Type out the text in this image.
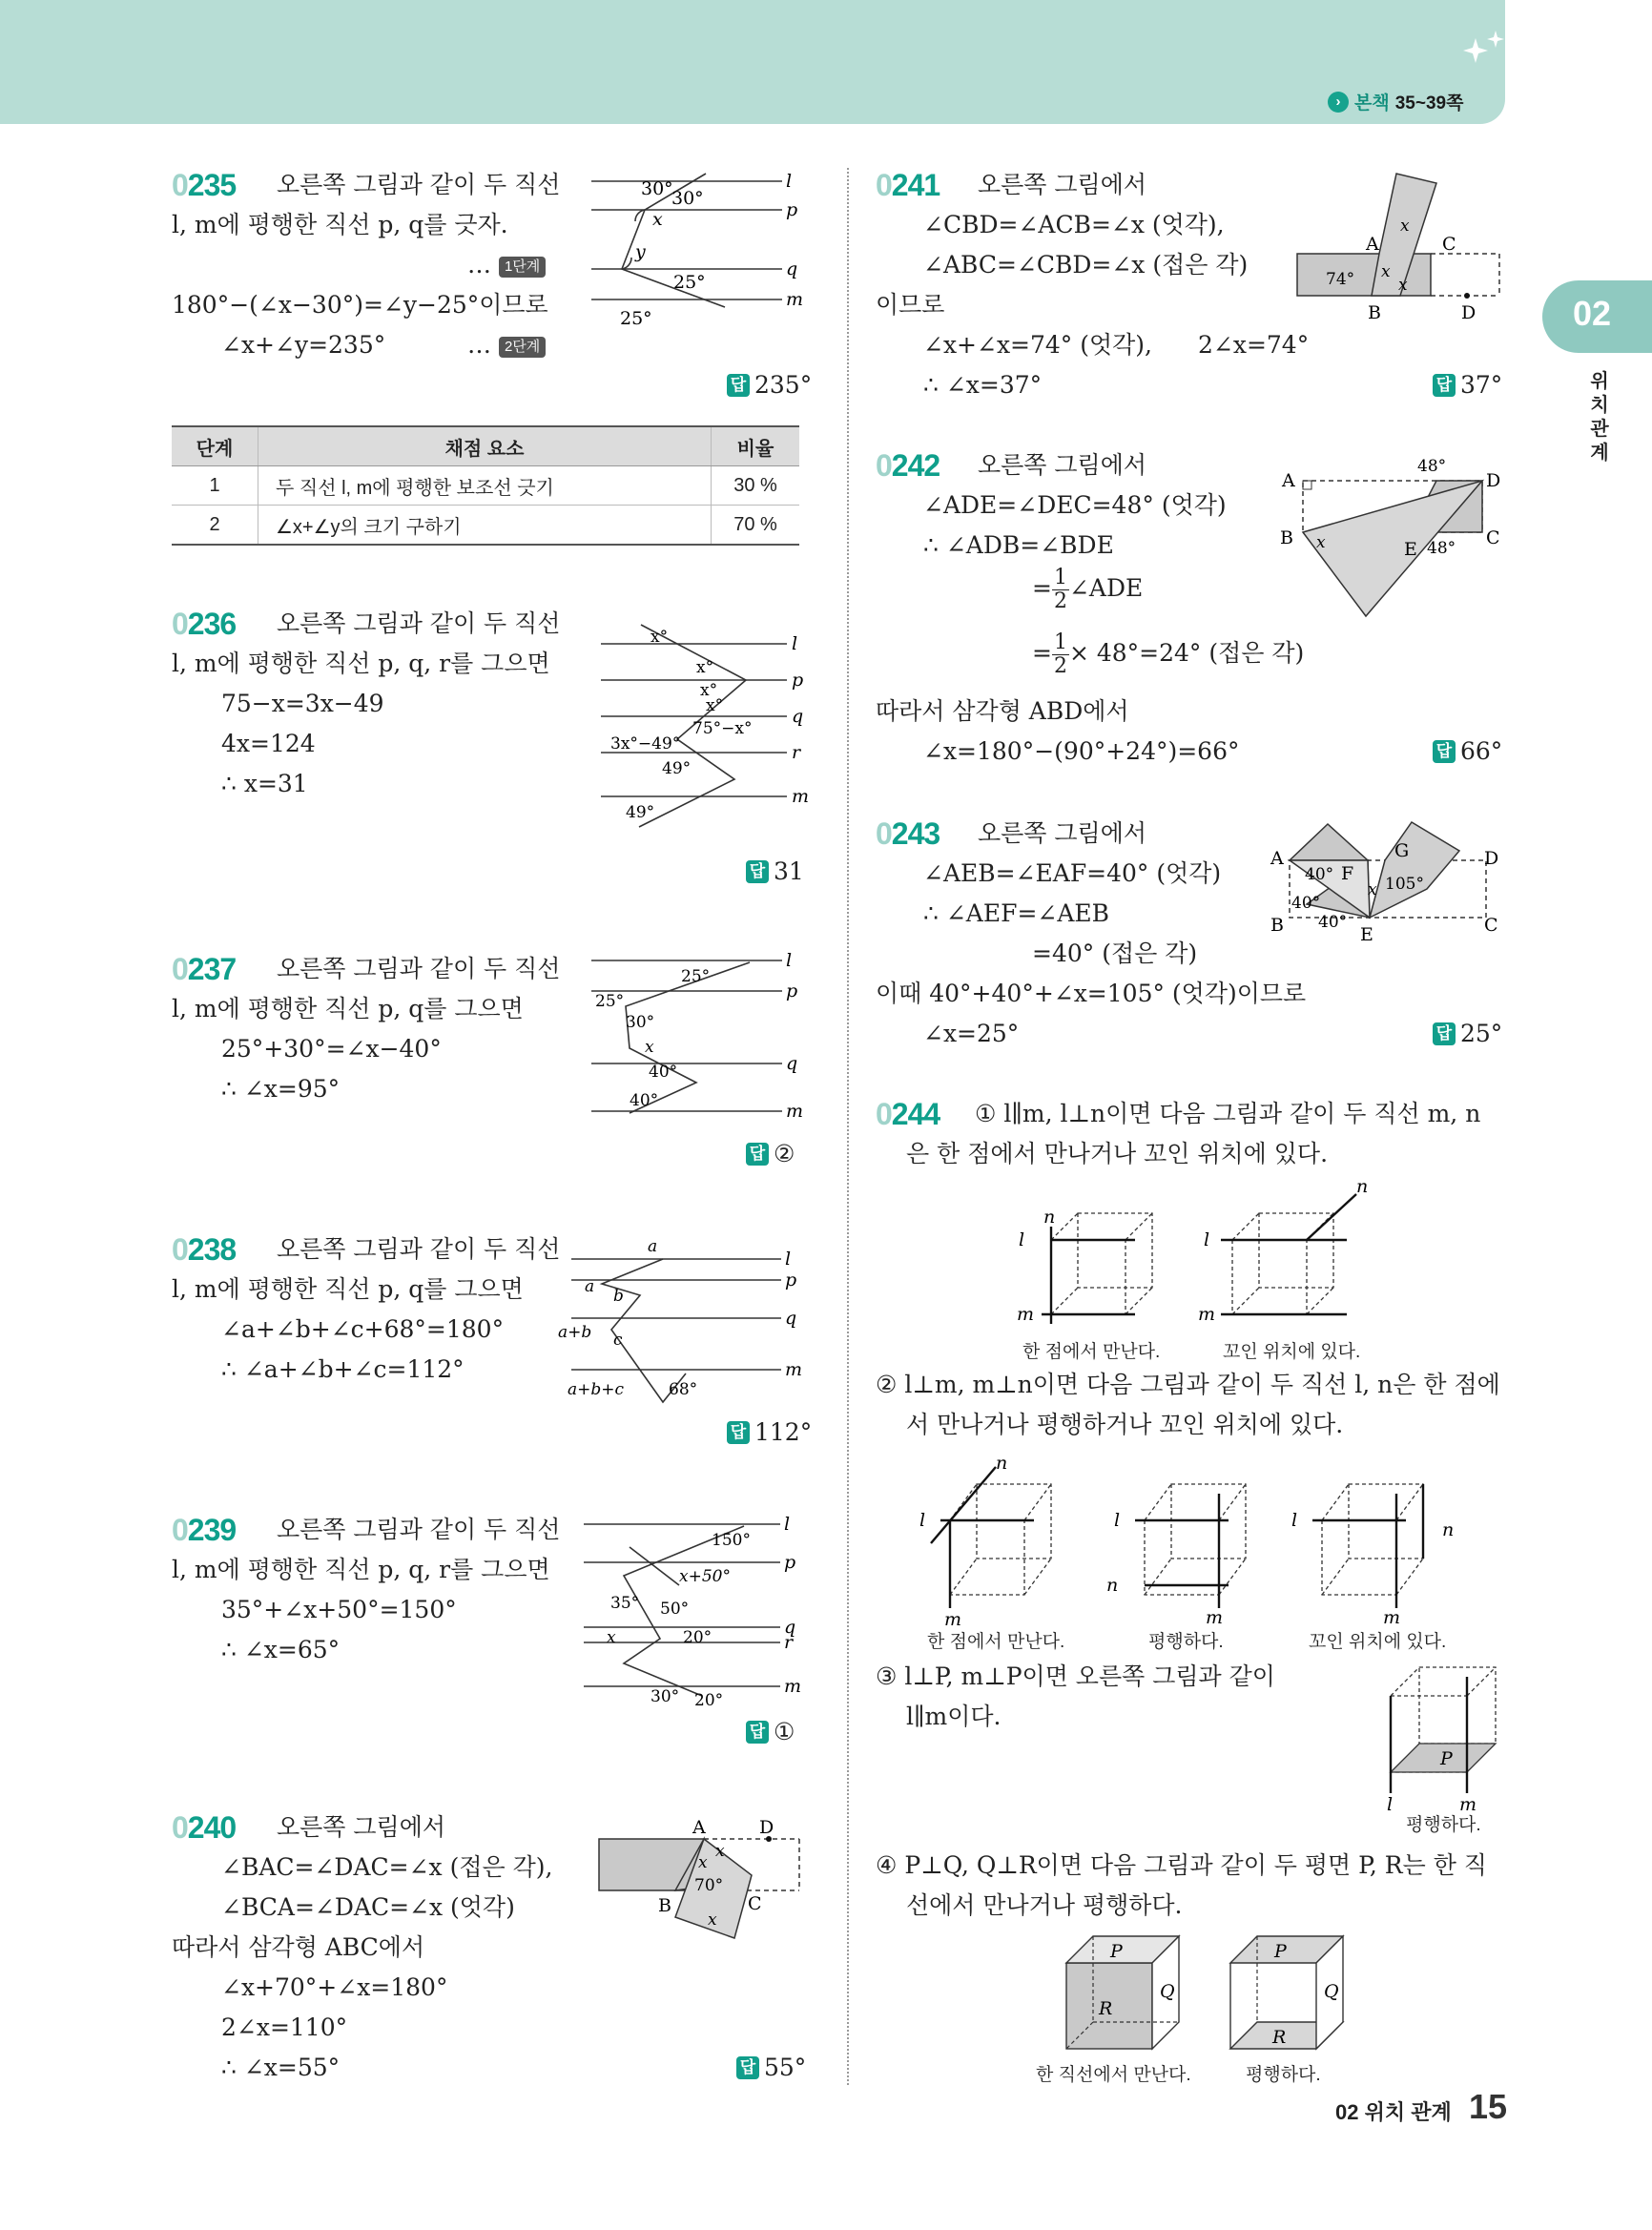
› 본책 35~39쪽
02
위치 관계
0235 오른쪽 그림과 같이 두 직선
l, m에 평행한 직선 p, q를 긋자.
… 1단계
180°−(∠x−30°)=∠y−25°이므로
∠x+∠y=235°	… 2단계
답 235°
30°
30°
x
y
25°
25°
l
p
q
m
단계	채점 요소	비율
1	두 직선 l, m에 평행한 보조선 긋기	30 %
2	∠x+∠y의 크기 구하기	70 %
0236 오른쪽 그림과 같이 두 직선
l, m에 평행한 직선 p, q, r를 그으면
75−x=3x−49
4x=124
∴ x=31
답 31
x°
x°
x°
x°
75°−x°
3x°−49°
49°
49°
l
p
q
r
m
0237 오른쪽 그림과 같이 두 직선
l, m에 평행한 직선 p, q를 그으면
25°+30°=∠x−40°
∴ ∠x=95°
답 ②
25°
25°
30°
x
40°
40°
l
p
q
m
0238 오른쪽 그림과 같이 두 직선
l, m에 평행한 직선 p, q를 그으면
∠a+∠b+∠c+68°=180°
∴ ∠a+∠b+∠c=112°
답 112°
a
a b
a+b c
a+b+c	68°
l
p
q
m
0239 오른쪽 그림과 같이 두 직선
l, m에 평행한 직선 p, q, r를 그으면
35°+∠x+50°=150°
∴ ∠x=65°
답 ①
150°
x+50°
35° 50°
x	20°
30° 20°
l
p
q
r
m
0240 오른쪽 그림에서
∠BAC=∠DAC=∠x (접은 각),
∠BCA=∠DAC=∠x (엇각)
따라서 삼각형 ABC에서
∠x+70°+∠x=180°
2∠x=110°
∴ ∠x=55°	답 55°
A	D
B	C
x
x
x
70°
0241 오른쪽 그림에서
∠CBD=∠ACB=∠x (엇각),
∠ABC=∠CBD=∠x (접은 각)
이므로
∠x+∠x=74° (엇각), 2∠x=74°
∴ ∠x=37°	답 37°
A	C
B	D
74°
x
x
x
0242 오른쪽 그림에서
∠ADE=∠DEC=48° (엇각)
∴ ∠ADB=∠BDE
= $\frac{1}{2}$ ∠ADE
= $\frac{1}{2} \times 48^\circ=24^\circ$ (접은 각)
따라서 삼각형 ABD에서
∠x=180°−(90°+24°)=66°	답 66°
A	D
B	C
E
x
48°
48°
0243 오른쪽 그림에서
∠AEB=∠EAF=40° (엇각)
∴ ∠AEF=∠AEB
=40° (접은 각)
이때 40°+40°+∠x=105° (엇각)이므로
∠x=25°	답 25°
A	G	D
F
B	E	C
x
40°
40°
40°
105°
0244 ① l∥m, l⊥n이면 다음 그림과 같이 두 직선 m, n
은 한 점에서 만나거나 꼬인 위치에 있다.
n
l
m
n
l
m
한 점에서 만난다.	꼬인 위치에 있다.
② l⊥m, m⊥n이면 다음 그림과 같이 두 직선 l, n은 한 점에
서 만나거나 평행하거나 꼬인 위치에 있다.
n
l
m
l
n
m
l	n
m
한 점에서 만난다.	평행하다.	꼬인 위치에 있다.
③ l⊥P, m⊥P이면 오른쪽 그림과 같이
l∥m이다.
P
l	m
평행하다.
④ P⊥Q, Q⊥R이면 다음 그림과 같이 두 평면 P, R는 한 직
선에서 만나거나 평행하다.
P
R
Q
P
R
Q
한 직선에서 만난다.	평행하다.
02 위치 관계 15
